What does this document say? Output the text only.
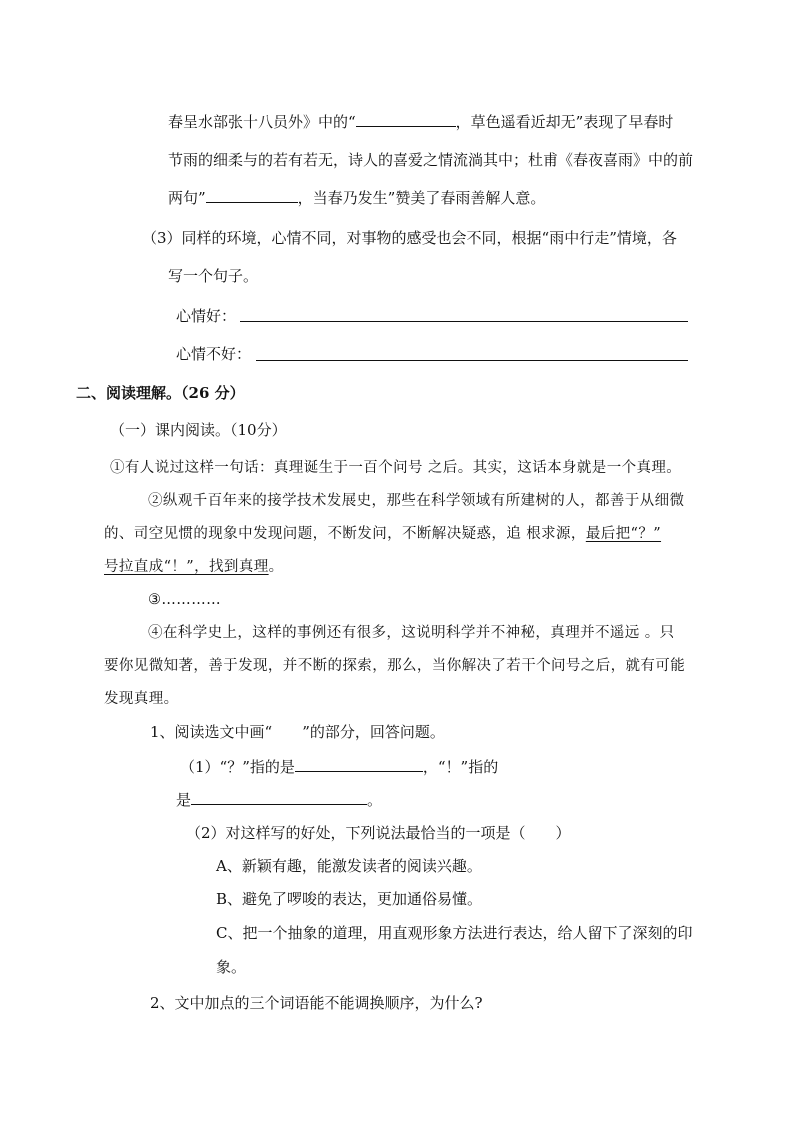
春呈水部张十八员外》中的“	，草色遥看近却无”表现了早春时
节雨的细柔与的若有若无，诗人的喜爱之情流淌其中；杜甫《春夜喜雨》中的前
两句”	，当春乃发生”赞美了春雨善解人意。
（3）同样的环境，心情不同，对事物的感受也会不同，根据“雨中行走”情境，各
写一个句子。
心情好：
心情不好：
二、阅读理解。（26 分）
（一）课内阅读。（10分）
①有人说过这样一句话：真理诞生于一百个问号 之后。其实，这话本身就是一个真理。
②纵观千百年来的接学技术发展史，那些在科学领域有所建树的人，都善于从细微
的、司空见惯的现象中发现问题，不断发问，不断解决疑惑，追 根求源，最后把“？”
号拉直成“！”，找到真理。
③…………
④在科学史上，这样的事例还有很多，这说明科学并不神秘，真理并不遥远 。只
要你见微知著，善于发现，并不断的探索，那么，当你解决了若干个问号之后，就有可能
发现真理。
1、阅读选文中画“　　”的部分，回答问题。
（1）“？”指的是	，“！”指的
是	。
（2）对这样写的好处，下列说法最恰当的一项是（　　）
A、新颖有趣，能激发读者的阅读兴趣。
B、避免了啰唆的表达，更加通俗易懂。
C、把一个抽象的道理，用直观形象方法进行表达，给人留下了深刻的印
象。
2、文中加点的三个词语能不能调换顺序，为什么?
